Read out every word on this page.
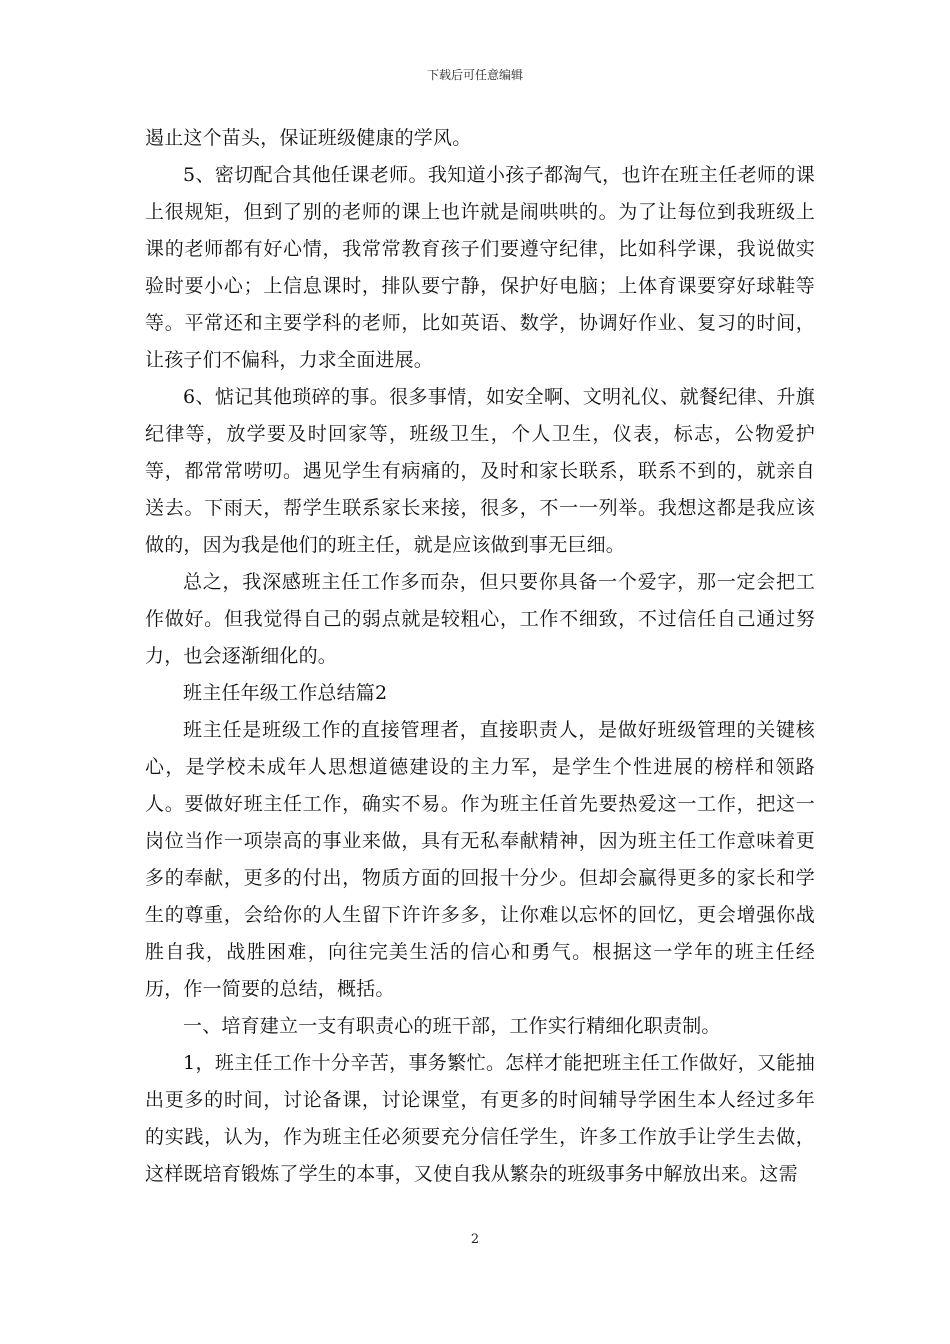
下载后可任意编辑

遏止这个苗头，保证班级健康的学风。

5、密切配合其他任课老师。我知道小孩子都淘气，也许在班主任老师的课上很规矩，但到了别的老师的课上也许就是闹哄哄的。为了让每位到我班级上课的老师都有好心情，我常常教育孩子们要遵守纪律，比如科学课，我说做实验时要小心；上信息课时，排队要宁静，保护好电脑；上体育课要穿好球鞋等等。平常还和主要学科的老师，比如英语、数学，协调好作业、复习的时间，让孩子们不偏科，力求全面进展。

6、惦记其他琐碎的事。很多事情，如安全啊、文明礼仪、就餐纪律、升旗纪律等，放学要及时回家等，班级卫生，个人卫生，仪表，标志，公物爱护等，都常常唠叨。遇见学生有病痛的，及时和家长联系，联系不到的，就亲自送去。下雨天，帮学生联系家长来接，很多，不一一列举。我想这都是我应该做的，因为我是他们的班主任，就是应该做到事无巨细。

总之，我深感班主任工作多而杂，但只要你具备一个爱字，那一定会把工作做好。但我觉得自己的弱点就是较粗心，工作不细致，不过信任自己通过努力，也会逐渐细化的。

班主任年级工作总结篇2

班主任是班级工作的直接管理者，直接职责人，是做好班级管理的关键核心，是学校未成年人思想道德建设的主力军，是学生个性进展的榜样和领路人。要做好班主任工作，确实不易。作为班主任首先要热爱这一工作，把这一岗位当作一项崇高的事业来做，具有无私奉献精神，因为班主任工作意味着更多的奉献，更多的付出，物质方面的回报十分少。但却会赢得更多的家长和学生的尊重，会给你的人生留下许许多多，让你难以忘怀的回忆，更会增强你战胜自我，战胜困难，向往完美生活的信心和勇气。根据这一学年的班主任经历，作一简要的总结，概括。

一、培育建立一支有职责心的班干部，工作实行精细化职责制。

1，班主任工作十分辛苦，事务繁忙。怎样才能把班主任工作做好，又能抽出更多的时间，讨论备课，讨论课堂，有更多的时间辅导学困生本人经过多年的实践，认为，作为班主任必须要充分信任学生，许多工作放手让学生去做，这样既培育锻炼了学生的本事，又使自我从繁杂的班级事务中解放出来。这需

2
